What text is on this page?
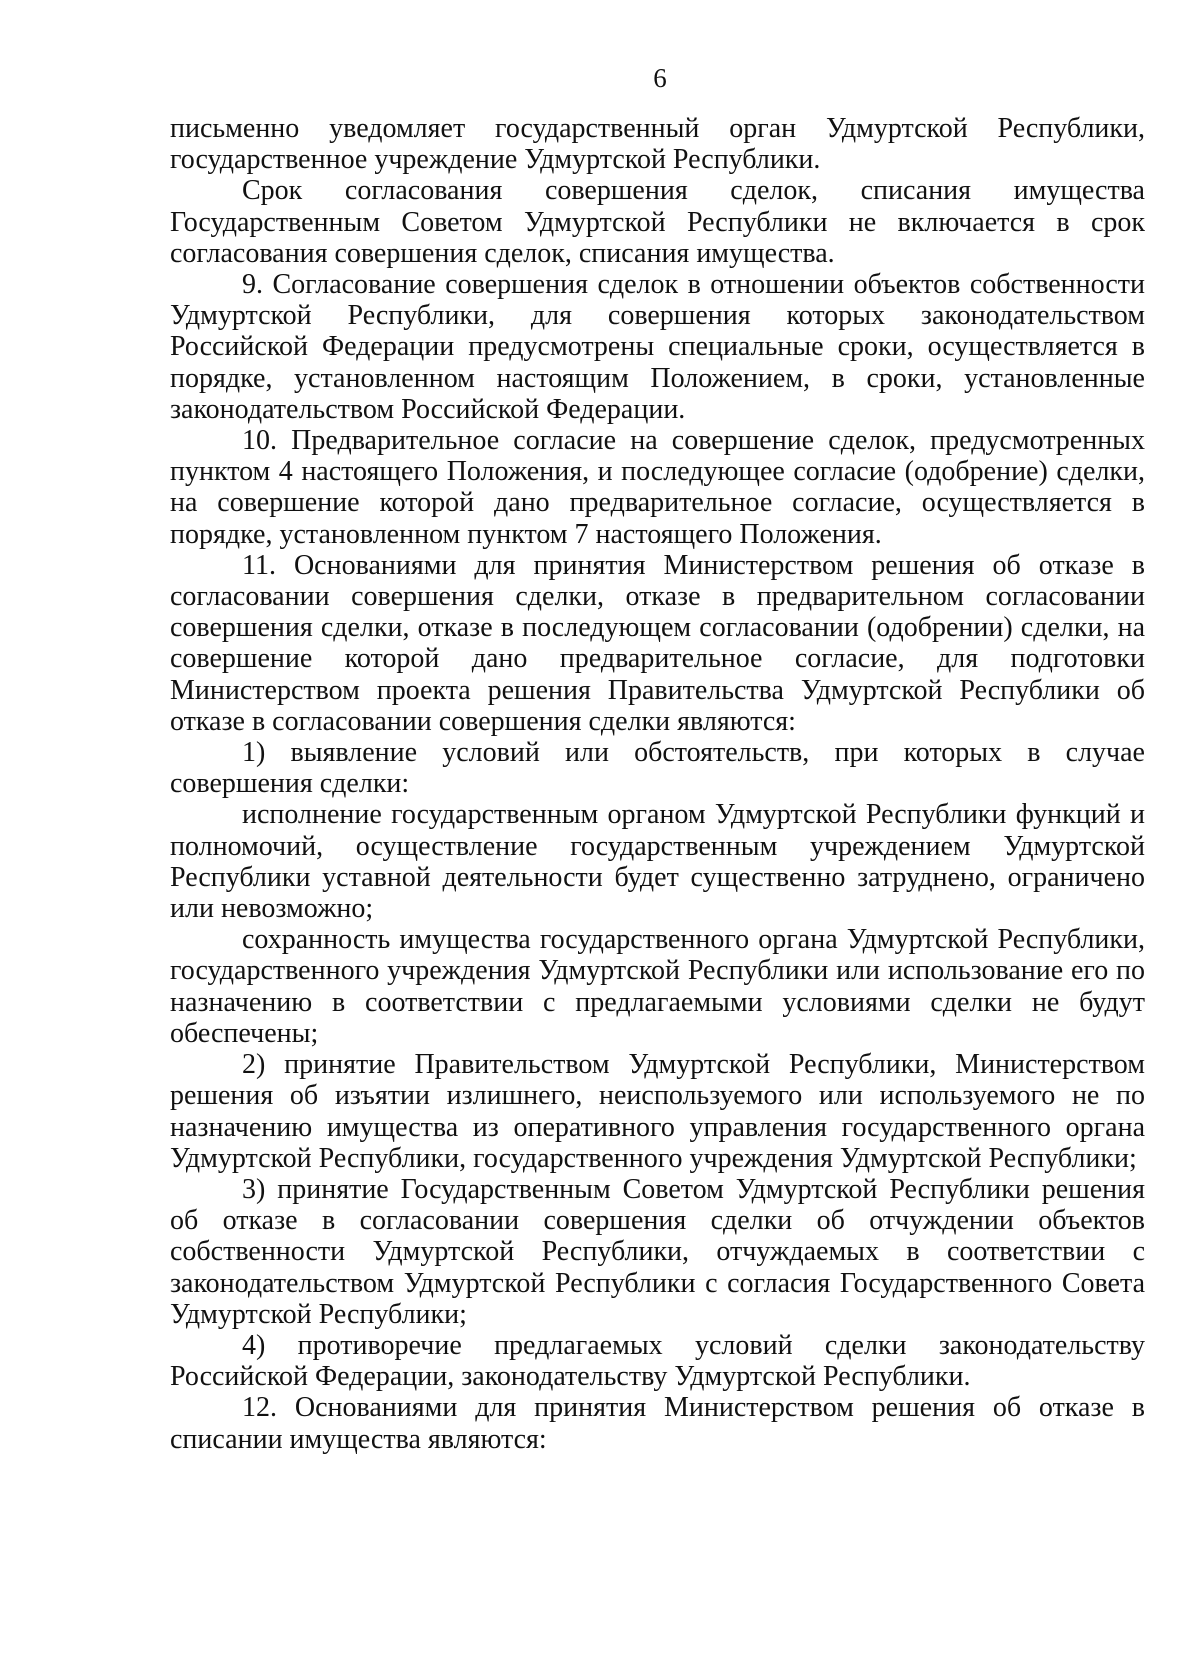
6

письменно уведомляет государственный орган Удмуртской Республики, государственное учреждение Удмуртской Республики.

Срок согласования совершения сделок, списания имущества Государственным Советом Удмуртской Республики не включается в срок согласования совершения сделок, списания имущества.

9. Согласование совершения сделок в отношении объектов собственности Удмуртской Республики, для совершения которых законодательством Российской Федерации предусмотрены специальные сроки, осуществляется в порядке, установленном настоящим Положением, в сроки, установленные законодательством Российской Федерации.

10. Предварительное согласие на совершение сделок, предусмотренных пунктом 4 настоящего Положения, и последующее согласие (одобрение) сделки, на совершение которой дано предварительное согласие, осуществляется в порядке, установленном пунктом 7 настоящего Положения.

11. Основаниями для принятия Министерством решения об отказе в согласовании совершения сделки, отказе в предварительном согласовании совершения сделки, отказе в последующем согласовании (одобрении) сделки, на совершение которой дано предварительное согласие, для подготовки Министерством проекта решения Правительства Удмуртской Республики об отказе в согласовании совершения сделки являются:

1) выявление условий или обстоятельств, при которых в случае совершения сделки:

исполнение государственным органом Удмуртской Республики функций и полномочий, осуществление государственным учреждением Удмуртской Республики уставной деятельности будет существенно затруднено, ограничено или невозможно;

сохранность имущества государственного органа Удмуртской Республики, государственного учреждения Удмуртской Республики или использование его по назначению в соответствии с предлагаемыми условиями сделки не будут обеспечены;

2) принятие Правительством Удмуртской Республики, Министерством решения об изъятии излишнего, неиспользуемого или используемого не по назначению имущества из оперативного управления государственного органа Удмуртской Республики, государственного учреждения Удмуртской Республики;

3) принятие Государственным Советом Удмуртской Республики решения об отказе в согласовании совершения сделки об отчуждении объектов собственности Удмуртской Республики, отчуждаемых в соответствии с законодательством Удмуртской Республики с согласия Государственного Совета Удмуртской Республики;

4) противоречие предлагаемых условий сделки законодательству Российской Федерации, законодательству Удмуртской Республики.

12. Основаниями для принятия Министерством решения об отказе в списании имущества являются:
